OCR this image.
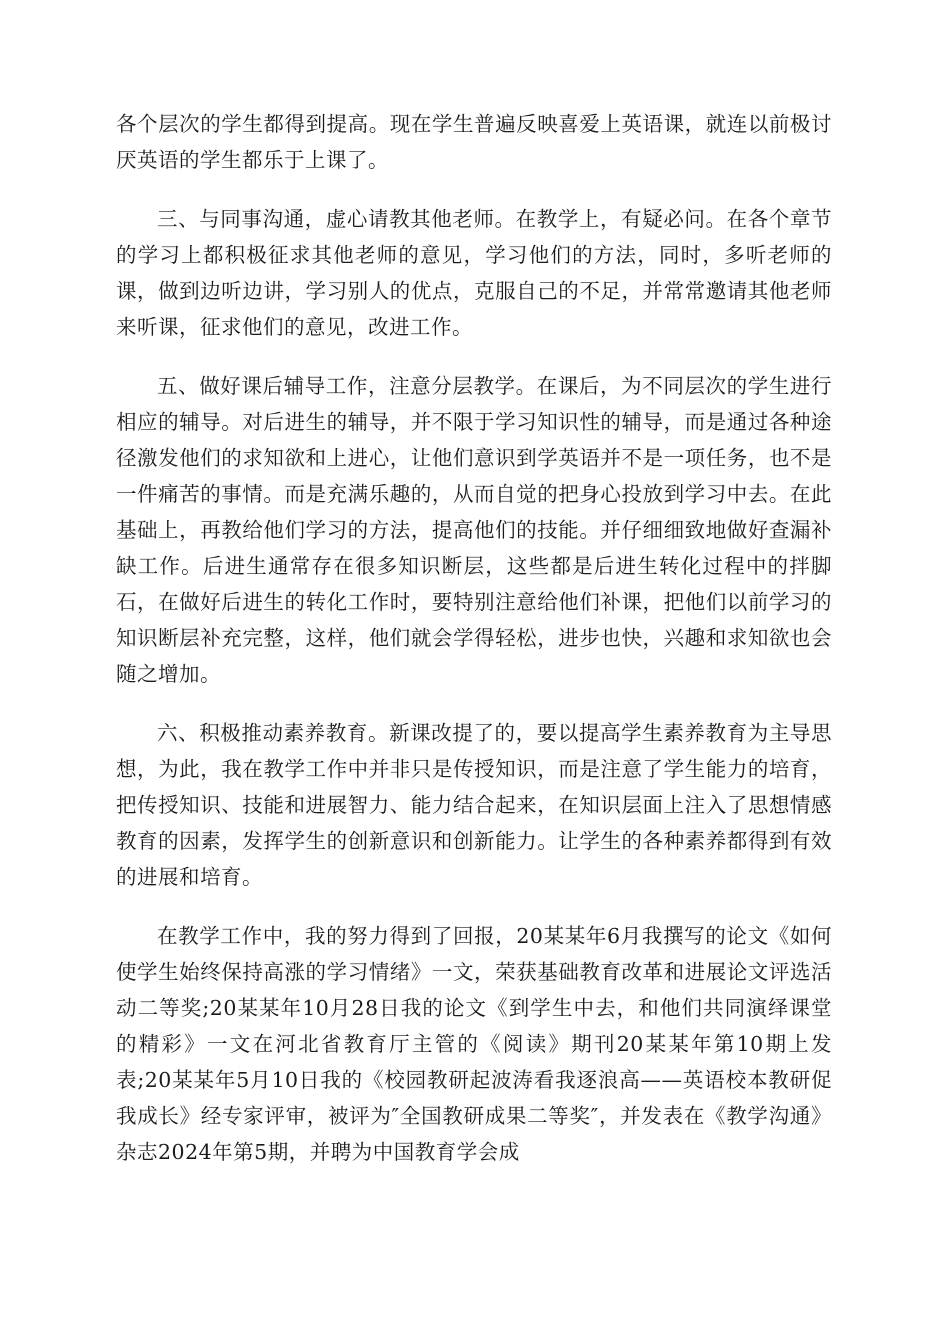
各个层次的学生都得到提高。现在学生普遍反映喜爱上英语课，就连以前极讨厌英语的学生都乐于上课了。

三、与同事沟通，虚心请教其他老师。在教学上，有疑必问。在各个章节的学习上都积极征求其他老师的意见，学习他们的方法，同时，多听老师的课，做到边听边讲，学习别人的优点，克服自己的不足，并常常邀请其他老师来听课，征求他们的意见，改进工作。

五、做好课后辅导工作，注意分层教学。在课后，为不同层次的学生进行相应的辅导。对后进生的辅导，并不限于学习知识性的辅导，而是通过各种途径激发他们的求知欲和上进心，让他们意识到学英语并不是一项任务，也不是一件痛苦的事情。而是充满乐趣的，从而自觉的把身心投放到学习中去。在此基础上，再教给他们学习的方法，提高他们的技能。并仔细细致地做好查漏补缺工作。后进生通常存在很多知识断层，这些都是后进生转化过程中的拌脚石，在做好后进生的转化工作时，要特别注意给他们补课，把他们以前学习的知识断层补充完整，这样，他们就会学得轻松，进步也快，兴趣和求知欲也会随之增加。

六、积极推动素养教育。新课改提了的，要以提高学生素养教育为主导思想，为此，我在教学工作中并非只是传授知识，而是注意了学生能力的培育，把传授知识、技能和进展智力、能力结合起来，在知识层面上注入了思想情感教育的因素，发挥学生的创新意识和创新能力。让学生的各种素养都得到有效的进展和培育。

在教学工作中，我的努力得到了回报，20某某年6月我撰写的论文《如何使学生始终保持高涨的学习情绪》一文，荣获基础教育改革和进展论文评选活动二等奖;20某某年10月28日我的论文《到学生中去，和他们共同演绎课堂的精彩》一文在河北省教育厅主管的《阅读》期刊20某某年第10期上发表;20某某年5月10日我的《校园教研起波涛看我逐浪高——英语校本教研促我成长》经专家评审，被评为″全国教研成果二等奖″，并发表在《教学沟通》杂志2024年第5期，并聘为中国教育学会成
